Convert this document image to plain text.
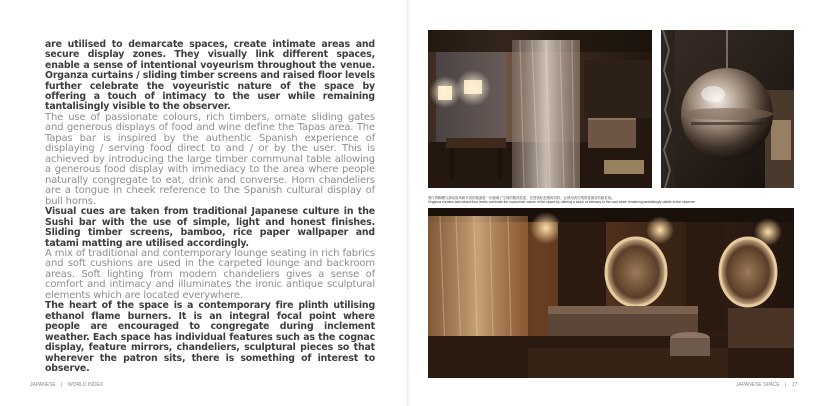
are utilised to demarcate spaces, create intimate areas and secure display zones. They visually link different spaces, enable a sense of intentional voyeurism throughout the venue. Organza curtains / sliding timber screens and raised floor levels further celebrate the voyeuristic nature of the space by offering a touch of intimacy to the user while remaining tantalisingly visible to the observer.

The use of passionate colours, rich timbers, ornate sliding gates and generous displays of food and wine define the Tapas area. The Tapas bar is inspired by the authentic Spanish experience of displaying / serving food direct to and / or by the user. This is achieved by introducing the large timber communal table allowing a generous food display with immediacy to the area where people naturally congregate to eat, drink and converse. Horn chandeliers are a tongue in cheek reference to the Spanish cultural display of bull horns.

Visual cues are taken from traditional Japanese culture in the Sushi bar with the use of simple, light and honest finishes. Sliding timber screens, bamboo, rice paper wallpaper and tatami matting are utilised accordingly.

A mix of traditional and contemporary lounge seating in rich fabrics and soft cushions are used in the carpeted lounge and backroom areas. Soft lighting from modern chandeliers gives a sense of comfort and intimacy and illuminates the ironic antique sculptural elements which are located everywhere.

The heart of the space is a contemporary fire plinth utilising ethanol flame burners. It is an integral focal point where people are encouraged to congregate during inclement weather. Each space has individual features such as the cognac display, feature mirrors, chandeliers, sculptural pieces so that wherever the patron sits, there is something of interest to observe.

JAPANESE | WORLD INDEX
餐厅的帷幔与滑动屏风和升高的地面进一步强调了空间的窥视性质，在提供私密感的同时，让使用者在观察者面前若隐若现。
Organza curtains and raised floor levels celebrate the voyeuristic nature of the space by offering a touch of intimacy to the user while remaining tantalisingly visible to the observer
JAPANESE SPACE | 17
